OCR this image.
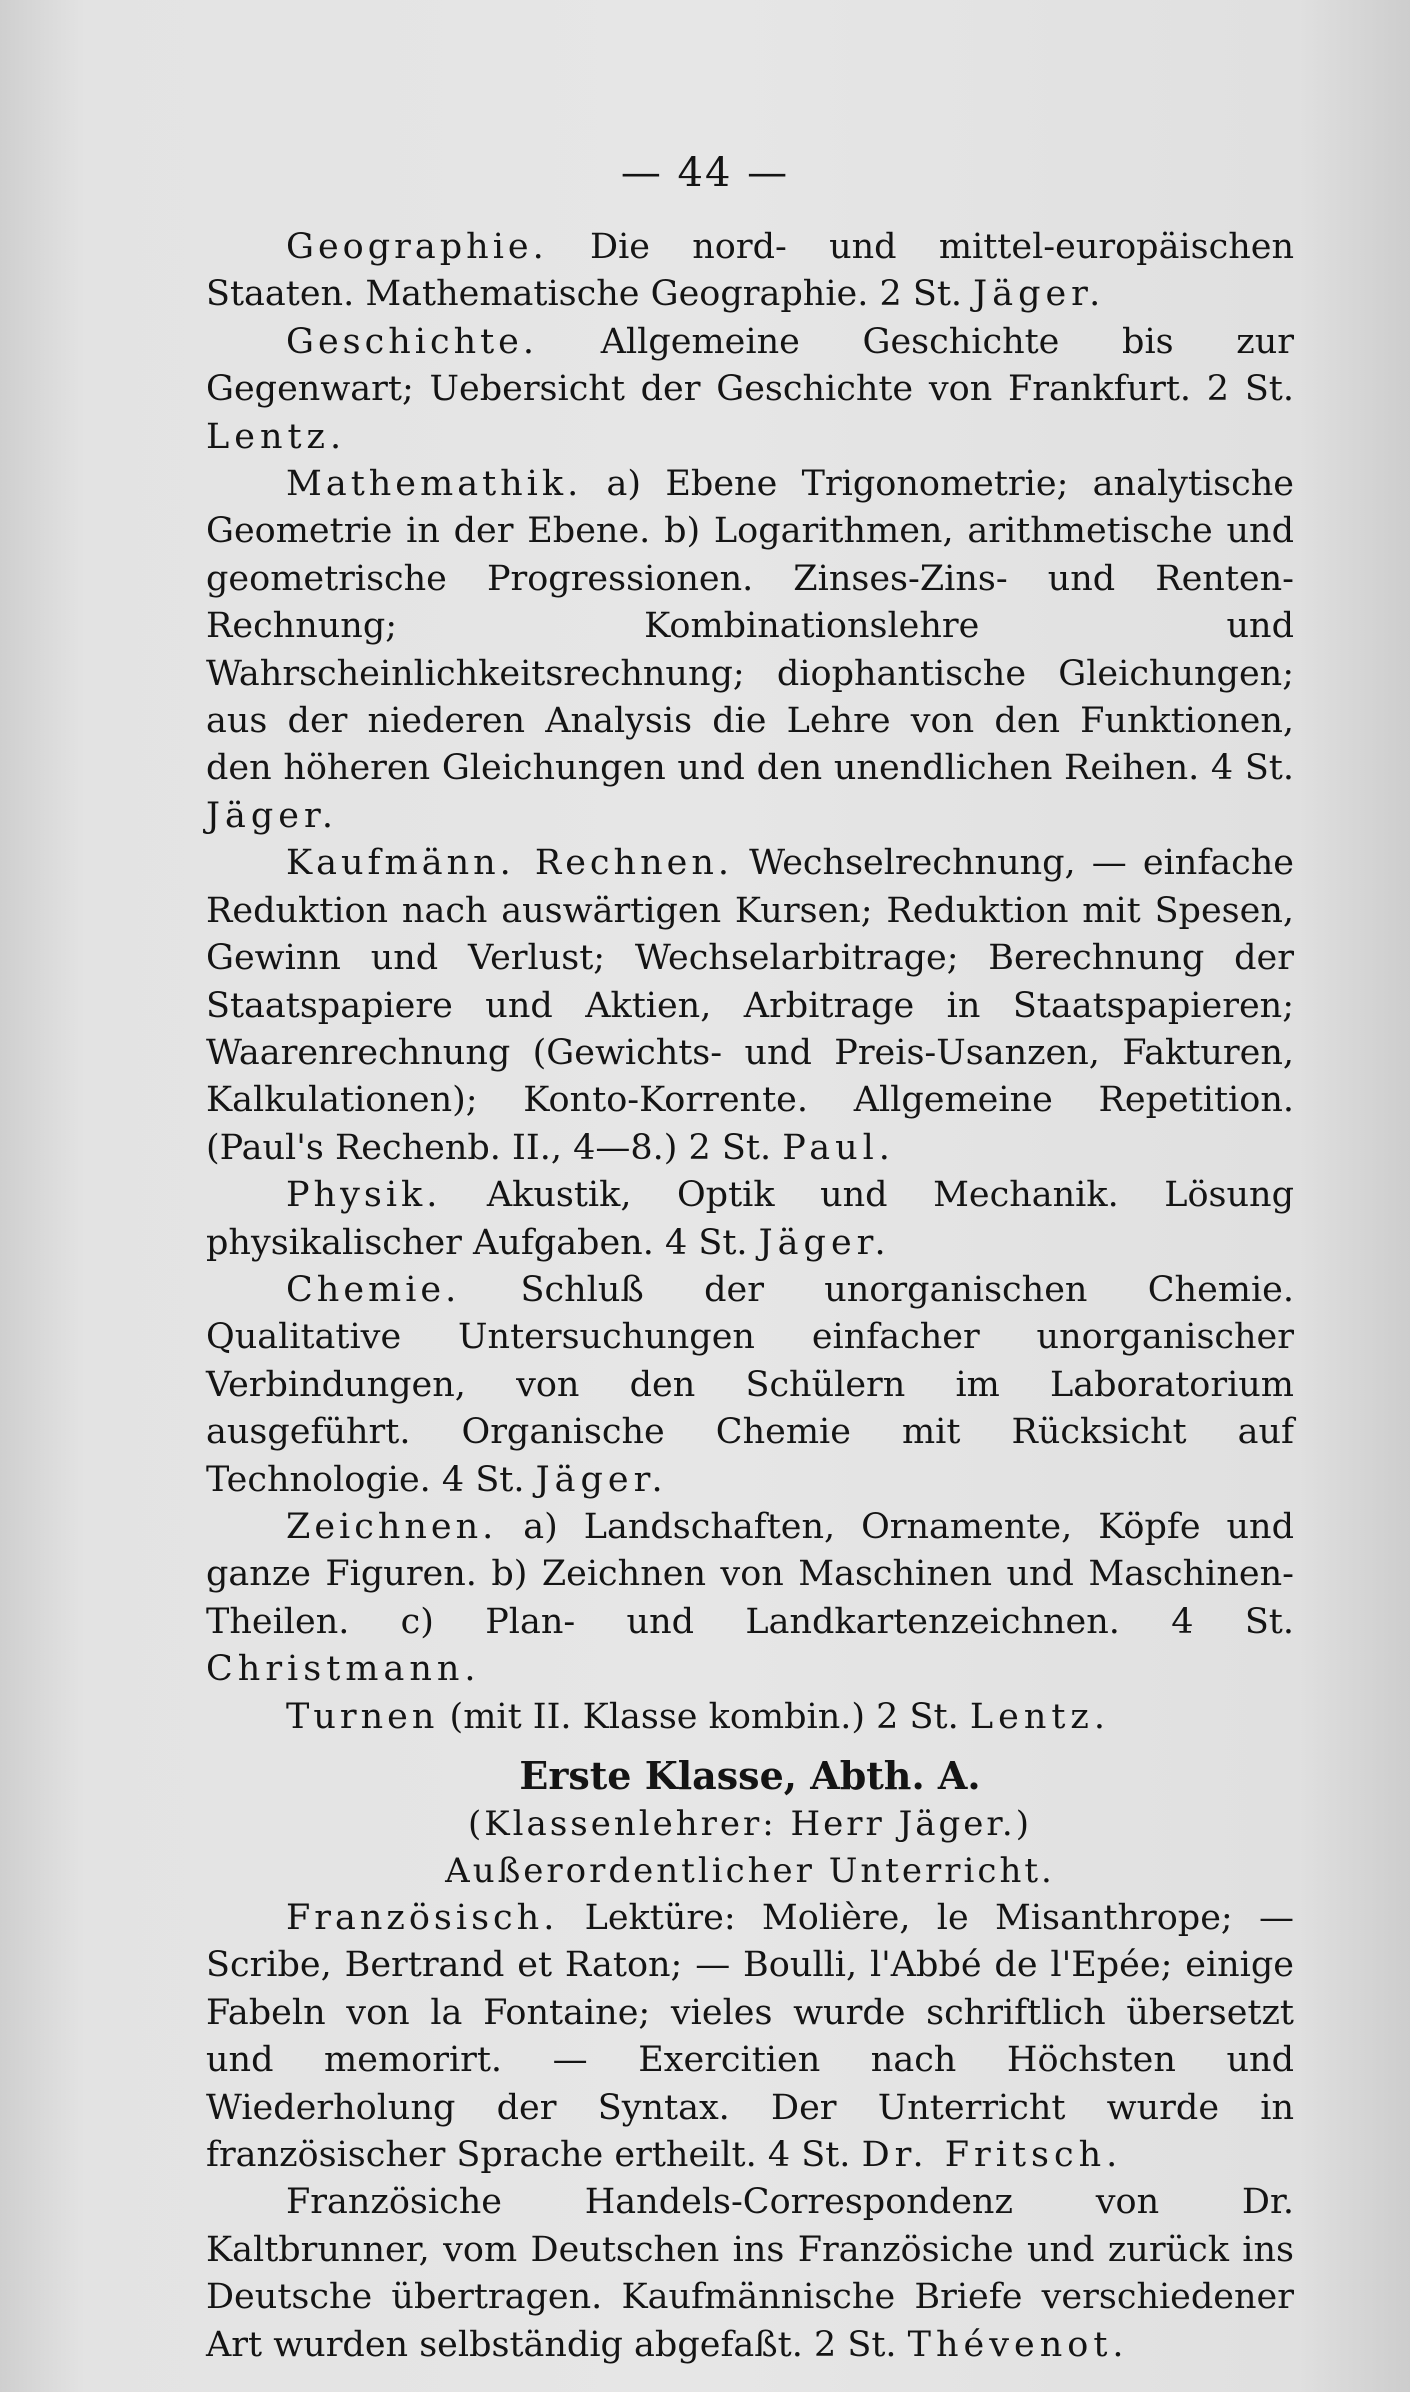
— 44 —

Geographie. Die nord- und mittel-europäischen Staaten. Mathematische Geographie. 2 St. Jäger.

Geschichte. Allgemeine Geschichte bis zur Gegenwart; Uebersicht der Geschichte von Frankfurt. 2 St. Lentz.

Mathemathik. a) Ebene Trigonometrie; analytische Geometrie in der Ebene. b) Logarithmen, arithmetische und geometrische Progressionen. Zinses-Zins- und Renten-Rechnung; Kombinationslehre und Wahrscheinlichkeitsrechnung; diophantische Gleichungen; aus der niederen Analysis die Lehre von den Funktionen, den höheren Gleichungen und den unendlichen Reihen. 4 St. Jäger.

Kaufmänn. Rechnen. Wechselrechnung, — einfache Reduktion nach auswärtigen Kursen; Reduktion mit Spesen, Gewinn und Verlust; Wechselarbitrage; Berechnung der Staatspapiere und Aktien, Arbitrage in Staatspapieren; Waarenrechnung (Gewichts- und Preis-Usanzen, Fakturen, Kalkulationen); Konto-Korrente. Allgemeine Repetition. (Paul's Rechenb. II., 4—8.) 2 St. Paul.

Physik. Akustik, Optik und Mechanik. Lösung physikalischer Aufgaben. 4 St. Jäger.

Chemie. Schluß der unorganischen Chemie. Qualitative Untersuchungen einfacher unorganischer Verbindungen, von den Schülern im Laboratorium ausgeführt. Organische Chemie mit Rücksicht auf Technologie. 4 St. Jäger.

Zeichnen. a) Landschaften, Ornamente, Köpfe und ganze Figuren. b) Zeichnen von Maschinen und Maschinen-Theilen. c) Plan- und Landkartenzeichnen. 4 St. Christmann.

Turnen (mit II. Klasse kombin.) 2 St. Lentz.

Erste Klasse, Abth. A.
(Klassenlehrer: Herr Jäger.)
Außerordentlicher Unterricht.

Französisch. Lektüre: Molière, le Misanthrope; — Scribe, Bertrand et Raton; — Boulli, l'Abbé de l'Epée; einige Fabeln von la Fontaine; vieles wurde schriftlich übersetzt und memorirt. — Exercitien nach Höchsten und Wiederholung der Syntax. Der Unterricht wurde in französischer Sprache ertheilt. 4 St. Dr. Fritsch.

Französiche Handels-Correspondenz von Dr. Kaltbrunner, vom Deutschen ins Französiche und zurück ins Deutsche übertragen. Kaufmännische Briefe verschiedener Art wurden selbständig abgefaßt. 2 St. Thévenot.
